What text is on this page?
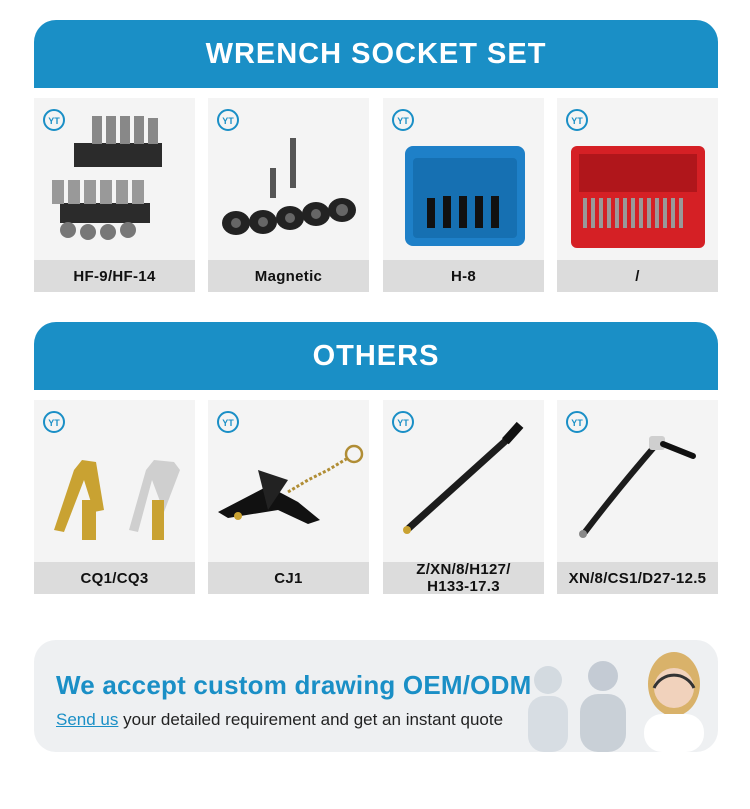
WRENCH SOCKET SET
YT
HF-9/HF-14
YT
Magnetic
YT
H-8
YT
/
OTHERS
YT
CQ1/CQ3
YT
CJ1
YT
Z/XN/8/H127/
H133-17.3
YT
XN/8/CS1/D27-12.5
We accept custom drawing OEM/ODM
Send us your detailed requirement and get an instant quote
